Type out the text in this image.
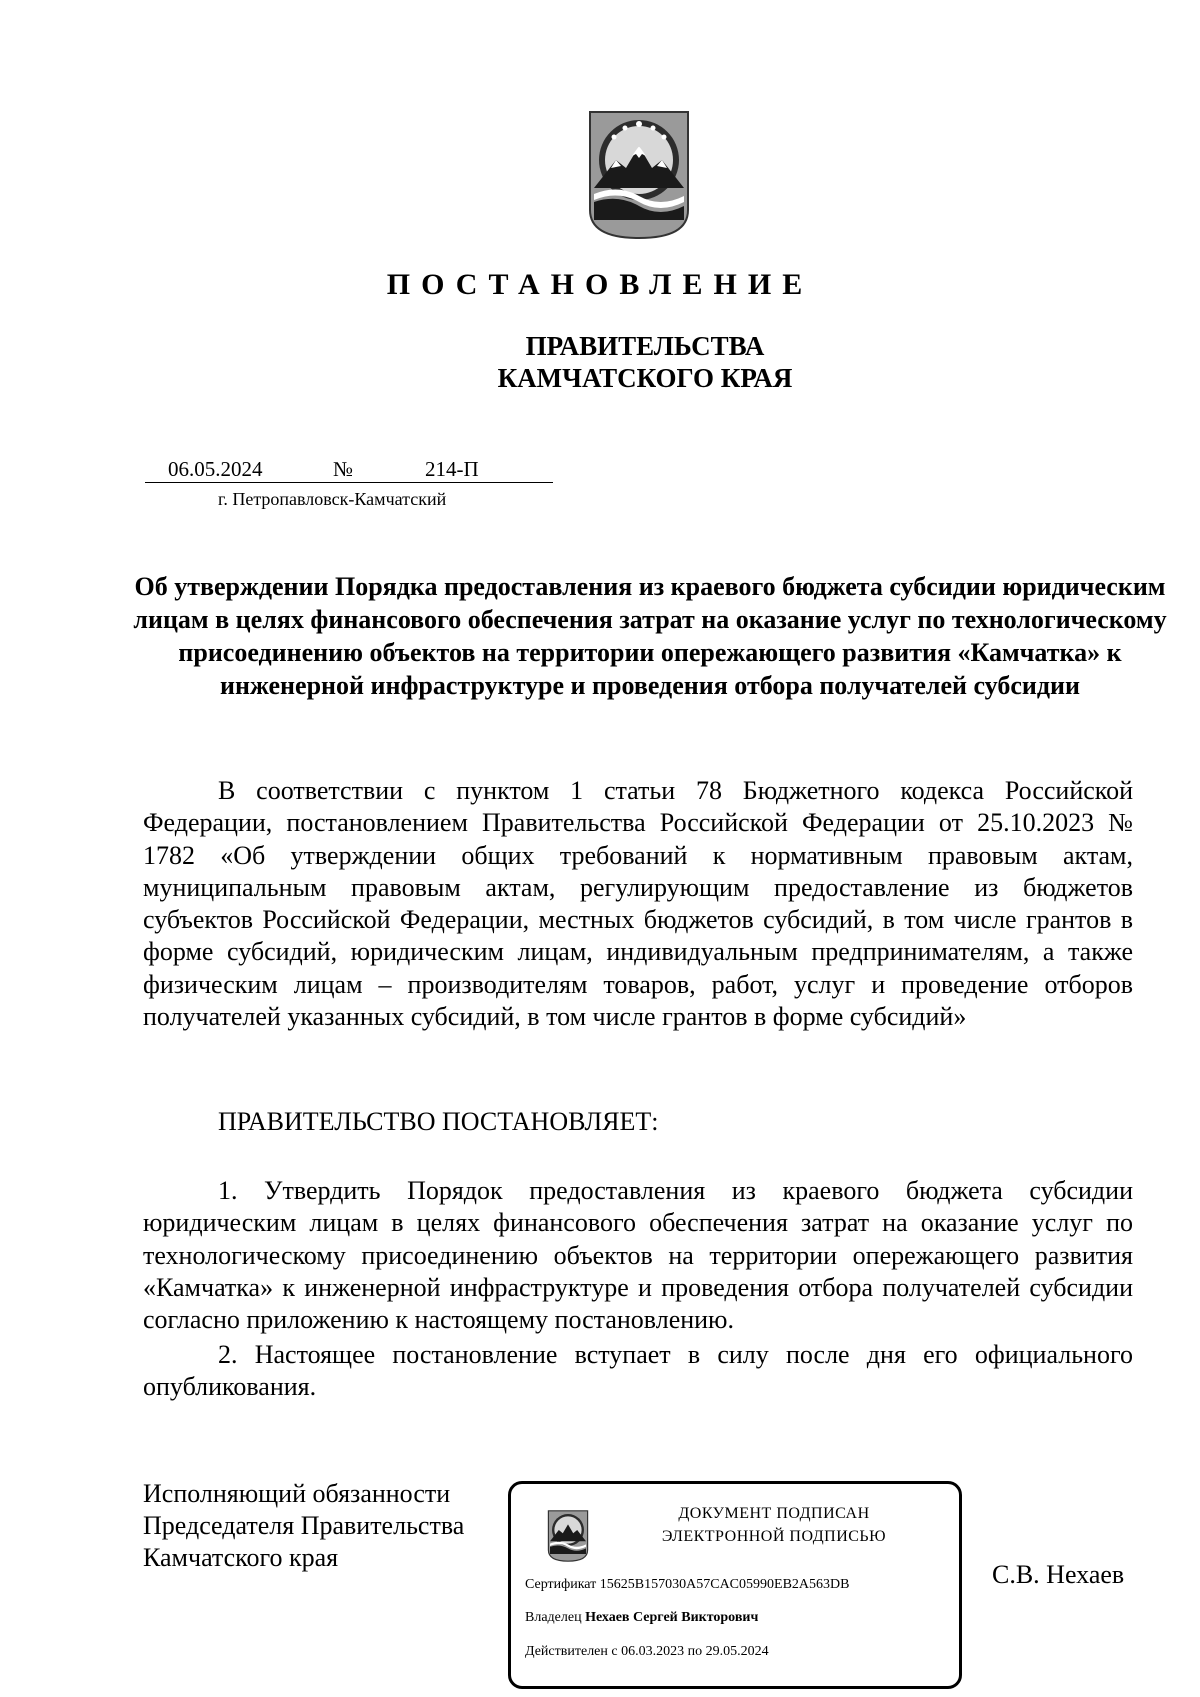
ПОСТАНОВЛЕНИЕ
ПРАВИТЕЛЬСТВА
КАМЧАТСКОГО КРАЯ
06.05.2024	№	214-П
г. Петропавловск-Камчатский
Об утверждении Порядка предоставления из краевого бюджета субсидии юридическим лицам в целях финансового обеспечения затрат на оказание услуг по технологическому присоединению объектов на территории опережающего развития «Камчатка» к инженерной инфраструктуре и проведения отбора получателей субсидии
В соответствии с пунктом 1 статьи 78 Бюджетного кодекса Российской Федерации, постановлением Правительства Российской Федерации от 25.10.2023 № 1782 «Об утверждении общих требований к нормативным правовым актам, муниципальным правовым актам, регулирующим предоставление из бюджетов субъектов Российской Федерации, местных бюджетов субсидий, в том числе грантов в форме субсидий, юридическим лицам, индивидуальным предпринимателям, а также физическим лицам – производителям товаров, работ, услуг и проведение отборов получателей указанных субсидий, в том числе грантов в форме субсидий»
ПРАВИТЕЛЬСТВО ПОСТАНОВЛЯЕТ:
1. Утвердить Порядок предоставления из краевого бюджета субсидии юридическим лицам в целях финансового обеспечения затрат на оказание услуг по технологическому присоединению объектов на территории опережающего развития «Камчатка» к инженерной инфраструктуре и проведения отбора получателей субсидии согласно приложению к настоящему постановлению.
2. Настоящее постановление вступает в силу после дня его официального опубликования.
Исполняющий обязанности
Председателя Правительства
Камчатского края
ДОКУМЕНТ ПОДПИСАН
ЭЛЕКТРОННОЙ ПОДПИСЬЮ
Сертификат 15625B157030A57CAC05990EB2A563DB
Владелец Нехаев Сергей Викторович
Действителен с 06.03.2023 по 29.05.2024
С.В. Нехаев
